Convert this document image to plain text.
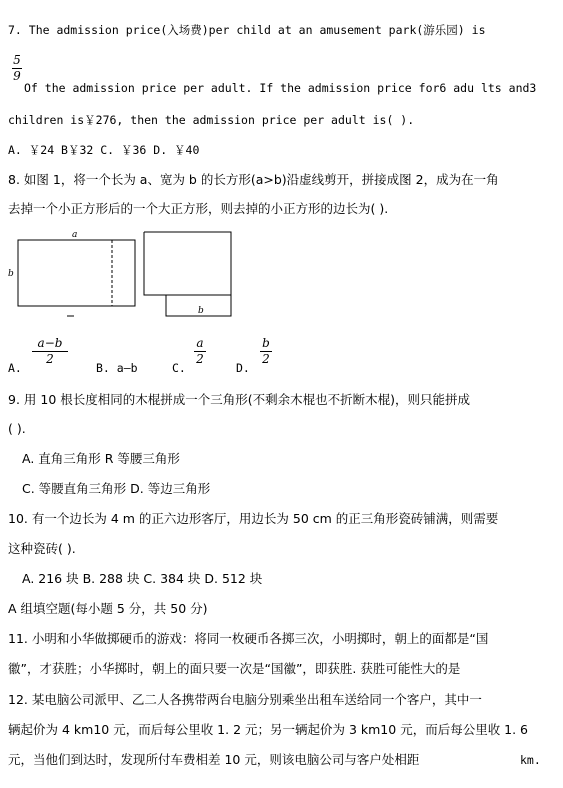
7. The admission price(入场费)per child at an amusement park(游乐园) is
5
9
Of the admission price per adult. If the admission price for6 adu lts and3
children is￥276, then the admission price per adult is( ).
A. ￥24 B￥32 C. ￥36 D. ￥40
8. 如图 1，将一个长为 a、宽为 b 的长方形(a>b)沿虚线剪开，拼接成图 2，成为在一角
去掉一个小正方形后的一个大正方形，则去掉的小正方形的边长为( ).
a
b
b
A.
a−b
2
B. a—b	C.
a
2
D.
b
2
9. 用 10 根长度相同的木棍拼成一个三角形(不剩余木棍也不折断木棍)，则只能拼成
( ).
A. 直角三角形 R 等腰三角形
C. 等腰直角三角形 D. 等边三角形
10. 有一个边长为 4 m 的正六边形客厅，用边长为 50 cm 的正三角形瓷砖铺满，则需要
这种瓷砖( ).
A. 216 块 B. 288 块 C. 384 块 D. 512 块
A 组填空题(每小题 5 分，共 50 分)
11. 小明和小华做掷硬币的游戏：将同一枚硬币各掷三次，小明掷时，朝上的面都是“国
徽”，才获胜；小华掷时，朝上的面只要一次是“国徽”，即获胜. 获胜可能性大的是
12. 某电脑公司派甲、乙二人各携带两台电脑分别乘坐出租车送给同一个客户，其中一
辆起价为 4 km10 元，而后每公里收 1. 2 元；另一辆起价为 3 km10 元，而后每公里收 1. 6
元，当他们到达时，发现所付车费相差 10 元，则该电脑公司与客户处相距	km.
